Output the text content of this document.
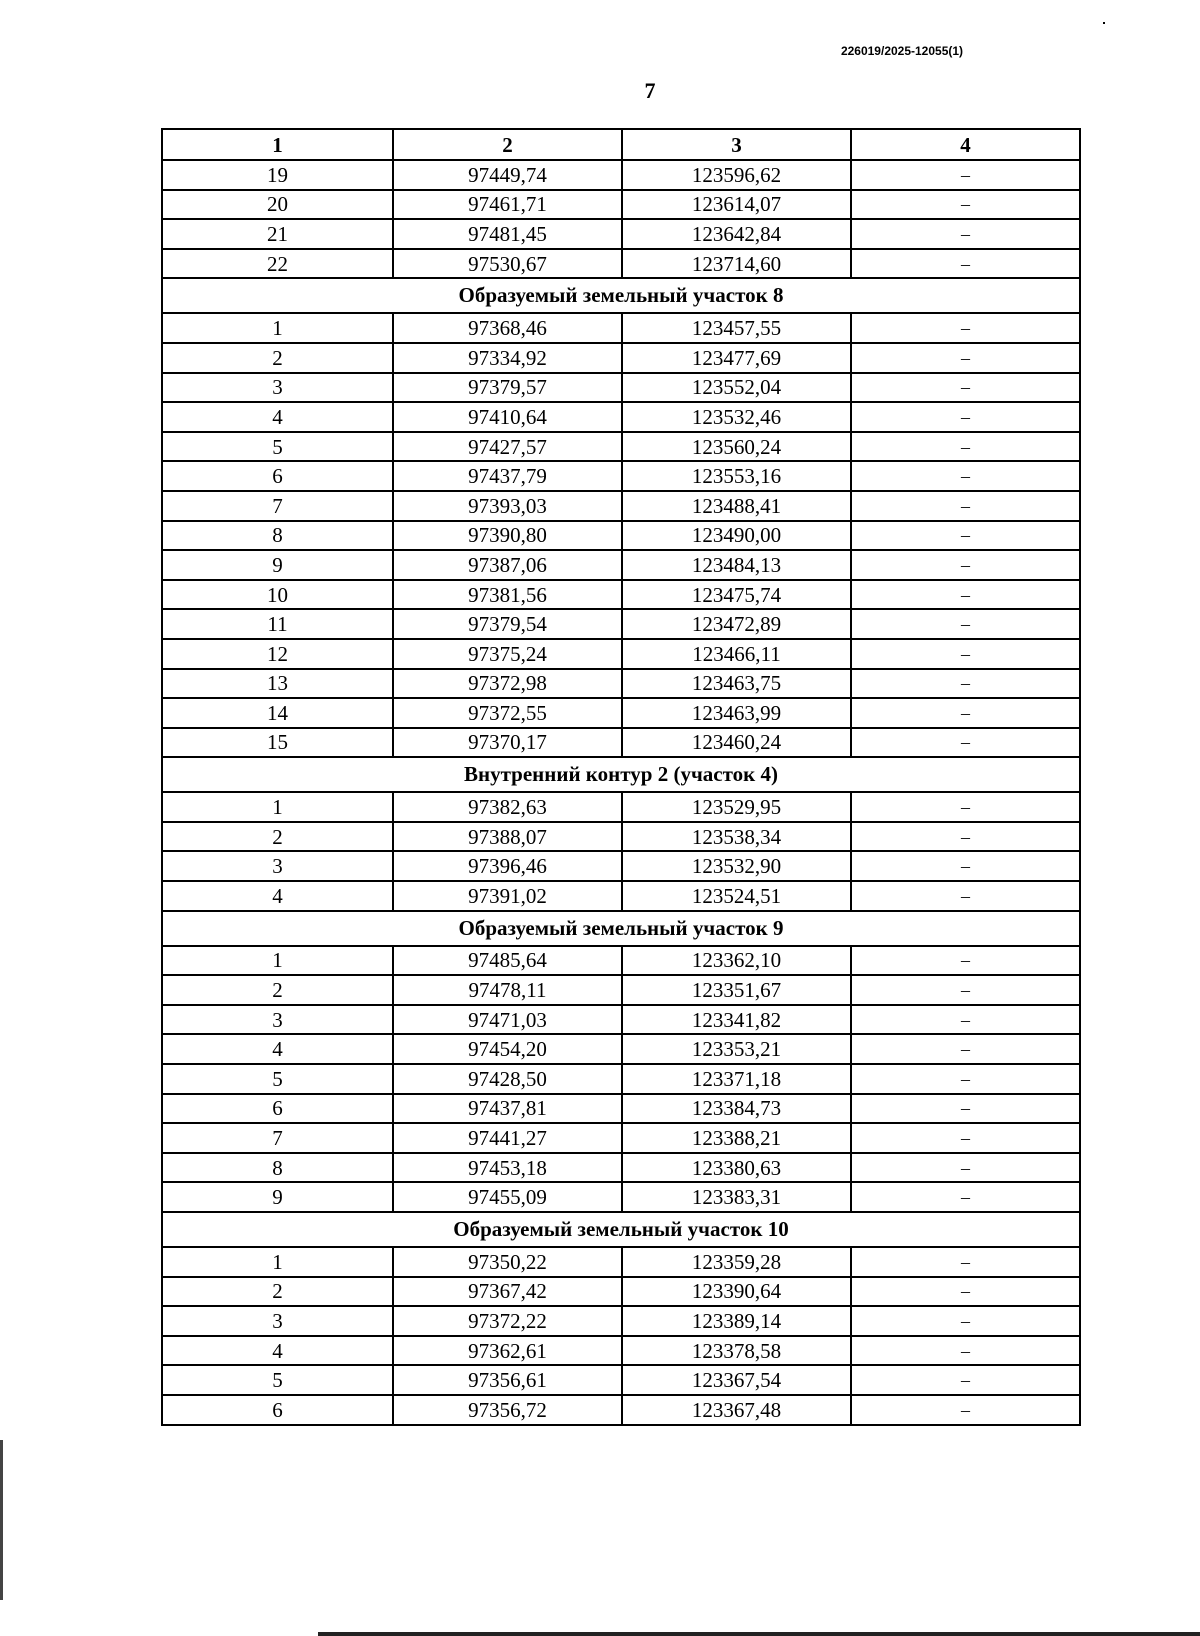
226019/2025-12055(1)
7
1	2	3	4
19	97449,74	123596,62	–
20	97461,71	123614,07	–
21	97481,45	123642,84	–
22	97530,67	123714,60	–
Образуемый земельный участок 8			
1	97368,46	123457,55	–
2	97334,92	123477,69	–
3	97379,57	123552,04	–
4	97410,64	123532,46	–
5	97427,57	123560,24	–
6	97437,79	123553,16	–
7	97393,03	123488,41	–
8	97390,80	123490,00	–
9	97387,06	123484,13	–
10	97381,56	123475,74	–
11	97379,54	123472,89	–
12	97375,24	123466,11	–
13	97372,98	123463,75	–
14	97372,55	123463,99	–
15	97370,17	123460,24	–
Внутренний контур 2 (участок 4)			
1	97382,63	123529,95	–
2	97388,07	123538,34	–
3	97396,46	123532,90	–
4	97391,02	123524,51	–
Образуемый земельный участок 9			
1	97485,64	123362,10	–
2	97478,11	123351,67	–
3	97471,03	123341,82	–
4	97454,20	123353,21	–
5	97428,50	123371,18	–
6	97437,81	123384,73	–
7	97441,27	123388,21	–
8	97453,18	123380,63	–
9	97455,09	123383,31	–
Образуемый земельный участок 10			
1	97350,22	123359,28	–
2	97367,42	123390,64	–
3	97372,22	123389,14	–
4	97362,61	123378,58	–
5	97356,61	123367,54	–
6	97356,72	123367,48	–
